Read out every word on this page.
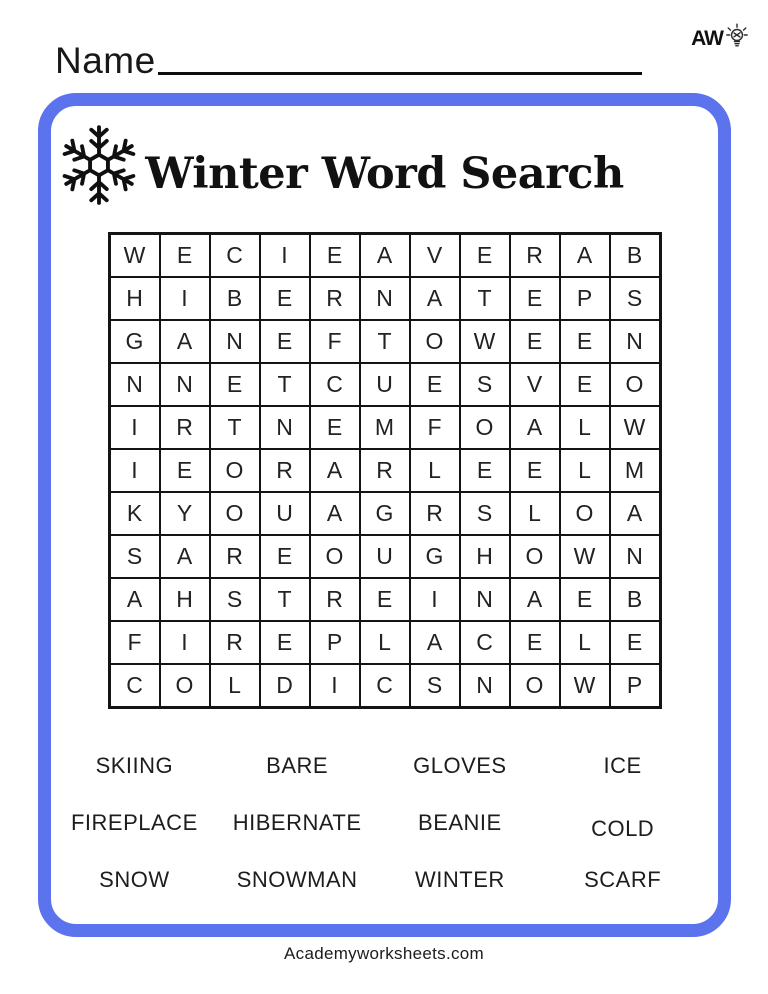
Name
AW
Winter Word Search
W	E	C	I	E	A	V	E	R	A	B
H	I	B	E	R	N	A	T	E	P	S
G	A	N	E	F	T	O	W	E	E	N
N	N	E	T	C	U	E	S	V	E	O
I	R	T	N	E	M	F	O	A	L	W
I	E	O	R	A	R	L	E	E	L	M
K	Y	O	U	A	G	R	S	L	O	A
S	A	R	E	O	U	G	H	O	W	N
A	H	S	T	R	E	I	N	A	E	B
F	I	R	E	P	L	A	C	E	L	E
C	O	L	D	I	C	S	N	O	W	P
SKIING	BARE	GLOVES	ICE
FIREPLACE	HIBERNATE	BEANIE	COLD
SNOW	SNOWMAN	WINTER	SCARF
Academyworksheets.com
